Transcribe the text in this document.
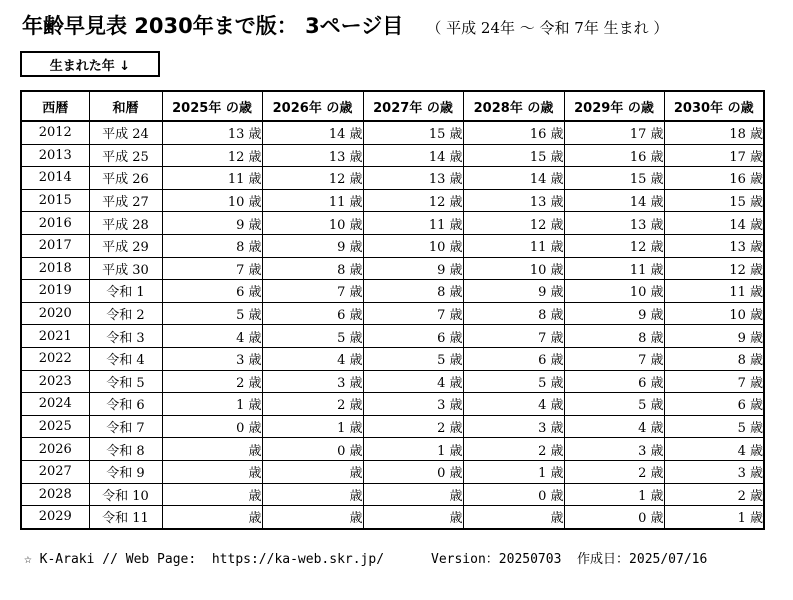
年齢早見表 2030年まで版： 3ページ目 （ 平成 24年 〜 令和 7年 生まれ ）
生まれた年 ↓
西暦	和暦	2025年 の歳	2026年 の歳	2027年 の歳	2028年 の歳	2029年 の歳	2030年 の歳
2012	平成 24	13 歳	14 歳	15 歳	16 歳	17 歳	18 歳
2013	平成 25	12 歳	13 歳	14 歳	15 歳	16 歳	17 歳
2014	平成 26	11 歳	12 歳	13 歳	14 歳	15 歳	16 歳
2015	平成 27	10 歳	11 歳	12 歳	13 歳	14 歳	15 歳
2016	平成 28	9 歳	10 歳	11 歳	12 歳	13 歳	14 歳
2017	平成 29	8 歳	9 歳	10 歳	11 歳	12 歳	13 歳
2018	平成 30	7 歳	8 歳	9 歳	10 歳	11 歳	12 歳
2019	令和 1	6 歳	7 歳	8 歳	9 歳	10 歳	11 歳
2020	令和 2	5 歳	6 歳	7 歳	8 歳	9 歳	10 歳
2021	令和 3	4 歳	5 歳	6 歳	7 歳	8 歳	9 歳
2022	令和 4	3 歳	4 歳	5 歳	6 歳	7 歳	8 歳
2023	令和 5	2 歳	3 歳	4 歳	5 歳	6 歳	7 歳
2024	令和 6	1 歳	2 歳	3 歳	4 歳	5 歳	6 歳
2025	令和 7	0 歳	1 歳	2 歳	3 歳	4 歳	5 歳
2026	令和 8	歳	0 歳	1 歳	2 歳	3 歳	4 歳
2027	令和 9	歳	歳	0 歳	1 歳	2 歳	3 歳
2028	令和 10	歳	歳	歳	0 歳	1 歳	2 歳
2029	令和 11	歳	歳	歳	歳	0 歳	1 歳
☆ K-Araki // Web Page:  https://ka-web.skr.jp/	Version：20250703  作成日：2025/07/16
